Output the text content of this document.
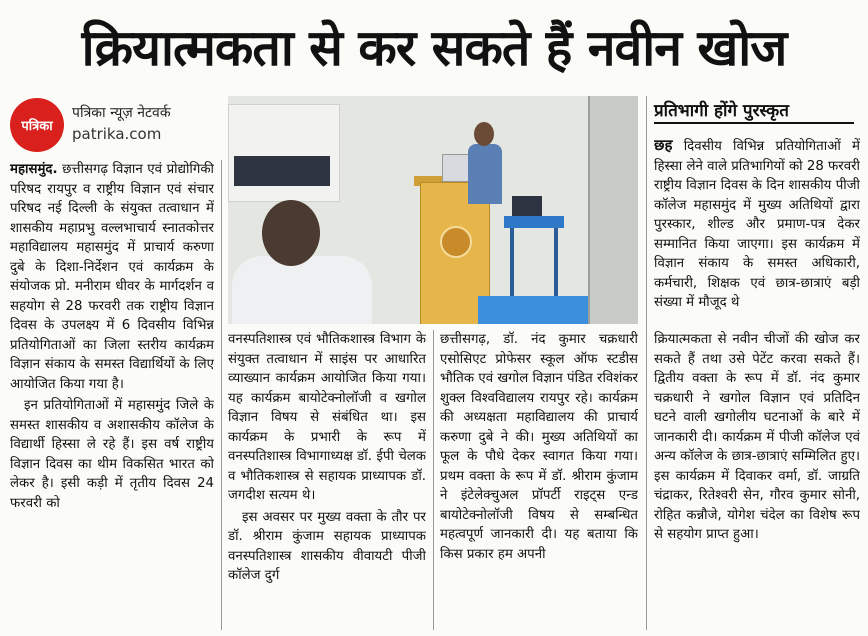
क्रियात्मकता से कर सकते हैं नवीन खोज
पत्रिका
पत्रिका न्यूज़ नेटवर्क
patrika.com
प्रतिभागी होंगे पुरस्कृत
छह दिवसीय विभिन्न प्रतियोगिताओं में हिस्सा लेने वाले प्रतिभागियों को 28 फरवरी राष्ट्रीय विज्ञान दिवस के दिन शासकीय पीजी कॉलेज महासमुंद में मुख्य अतिथियों द्वारा पुरस्कार, शील्ड और प्रमाण-पत्र देकर सम्मानित किया जाएगा। इस कार्यक्रम में विज्ञान संकाय के समस्त अधिकारी, कर्मचारी, शिक्षक एवं छात्र-छात्राएं बड़ी संख्या में मौजूद थे

महासमुंद. छत्तीसगढ़ विज्ञान एवं प्रोद्योगिकी परिषद रायपुर व राष्ट्रीय विज्ञान एवं संचार परिषद नई दिल्ली के संयुक्त तत्वाधान में शासकीय महाप्रभु वल्लभाचार्य स्नातकोत्तर महाविद्यालय महासमुंद में प्राचार्य करुणा दुबे के दिशा-निर्देशन एवं कार्यक्रम के संयोजक प्रो. मनीराम धीवर के मार्गदर्शन व सहयोग से 28 फरवरी तक राष्ट्रीय विज्ञान दिवस के उपलक्ष्य में 6 दिवसीय विभिन्न प्रतियोगिताओं का जिला स्तरीय कार्यक्रम विज्ञान संकाय के समस्त विद्यार्थियों के लिए आयोजित किया गया है।

इन प्रतियोगिताओं में महासमुंद जिले के समस्त शासकीय व अशासकीय कॉलेज के विद्यार्थी हिस्सा ले रहे हैं। इस वर्ष राष्ट्रीय विज्ञान दिवस का थीम विकसित भारत को लेकर है। इसी कड़ी में तृतीय दिवस 24 फरवरी को

वनस्पतिशास्त्र एवं भौतिकशास्त्र विभाग के संयुक्त तत्वाधान में साइंस पर आधारित व्याख्यान कार्यक्रम आयोजित किया गया। यह कार्यक्रम बायोटेक्नोलॉजी व खगोल विज्ञान विषय से संबंधित था। इस कार्यक्रम के प्रभारी के रूप में वनस्पतिशास्त्र विभागाध्यक्ष डॉ. ईपी चेलक व भौतिकशास्त्र से सहायक प्राध्यापक डॉ. जगदीश सत्यम थे।

इस अवसर पर मुख्य वक्ता के तौर पर डॉ. श्रीराम कुंजाम सहायक प्राध्यापक वनस्पतिशास्त्र शासकीय वीवायटी पीजी कॉलेज दुर्ग

छत्तीसगढ़, डॉ. नंद कुमार चक्रधारी एसोसिएट प्रोफेसर स्कूल ऑफ स्टडीस भौतिक एवं खगोल विज्ञान पंडित रविशंकर शुक्ल विश्वविद्यालय रायपुर रहे। कार्यक्रम की अध्यक्षता महाविद्यालय की प्राचार्य करुणा दुबे ने की। मुख्य अतिथियों का फूल के पौधे देकर स्वागत किया गया। प्रथम वक्ता के रूप में डॉ. श्रीराम कुंजाम ने इंटेलेक्चुअल प्रॉपर्टी राइट्स एन्ड बायोटेक्नोलॉजी विषय से सम्बन्धित महत्वपूर्ण जानकारी दी। यह बताया कि किस प्रकार हम अपनी

क्रियात्मकता से नवीन चीजों की खोज कर सकते हैं तथा उसे पेटेंट करवा सकते हैं। द्वितीय वक्ता के रूप में डॉ. नंद कुमार चक्रधारी ने खगोल विज्ञान एवं प्रतिदिन घटने वाली खगोलीय घटनाओं के बारे में जानकारी दी। कार्यक्रम में पीजी कॉलेज एवं अन्य कॉलेज के छात्र-छात्राएं सम्मिलित हुए। इस कार्यक्रम में दिवाकर वर्मा, डॉ. जाग्रति चंद्राकर, रितेश्वरी सेन, गौरव कुमार सोनी, रोहित कन्नौजे, योगेश चंदेल का विशेष रूप से सहयोग प्राप्त हुआ।
